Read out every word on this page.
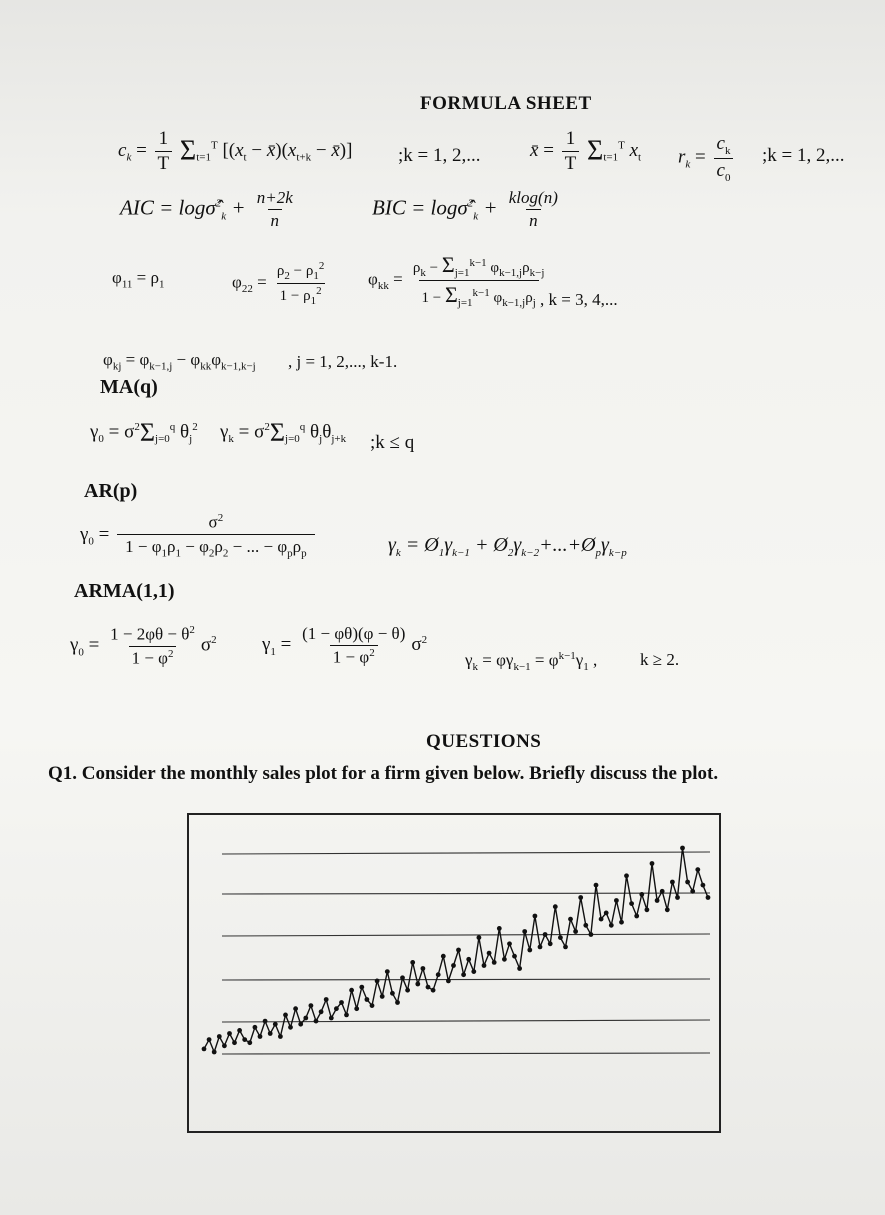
FORMULA SHEET
$c_k = \frac{1}{T} \Sigma_{t=1}^T$ [($x_t$ − $x̄)(x_{t+k}$ − x̄)] ;k = 1, 2,...	x̄ = $\frac{1}{T} \Sigma_{t=1}^T$ $x_t$ $r_k = \frac{c_k}{c_0}$ ;k = 1, 2,...
AIC = logσ̂$^2_k$ + $\frac{n+2k}{n}$	BIC = logσ̂$^2_k$ + $\frac{klog(n)}{n}$
$\varphi_{11} = \rho_1$	$\varphi_{22} = \frac{\rho_2 - \rho_1^2}{1 - \rho_1^2} \varphi_{kk} = \frac{\rho_k - \Sigma_{j=1}^{k-1} \varphi_{k-1,j}\rho_{k-j}}{1 - \Sigma_{j=1}^{k-1} \varphi_{k-1,j}\rho_j}$
, k = 3, 4,...
$\varphi_{kj} = \varphi_{k-1,j} - \varphi_{kk}\varphi_{k-1,k-j}$ , j = 1, 2,..., k-1.
MA(q)
$\gamma_0 = \sigma^2\Sigma_{j=0}^q$ $\theta_j^2$ $\gamma_k = \sigma^2\Sigma_{j=0}^q$ $\theta_j\theta_{j+k}$ ;k ≤ q
AR(p)
$\gamma_0 = \frac{\sigma^2}{1 - \varphi_1\rho_1 - \varphi_2\rho_2 - ... - \varphi_p\rho_p}$	$\gamma_k$ = $Ø_1\gamma_{k-1}$ + $Ø_2\gamma_{k-2}+...+Ø_p\gamma_{k-p}$
ARMA(1,1)
$\gamma_0 = \frac{1 - 2\varphi\theta - \theta^2}{1 - \varphi^2} \sigma^2$ $\gamma_1 = \frac{(1 - \varphi\theta)(\varphi - \theta)}{1 - \varphi^2} \sigma^2$
$\gamma_k = \varphi\gamma_{k-1} = \varphi^{k-1}\gamma_1$ ,	k ≥ 2.
QUESTIONS
Q1. Consider the monthly sales plot for a firm given below. Briefly discuss the plot.
